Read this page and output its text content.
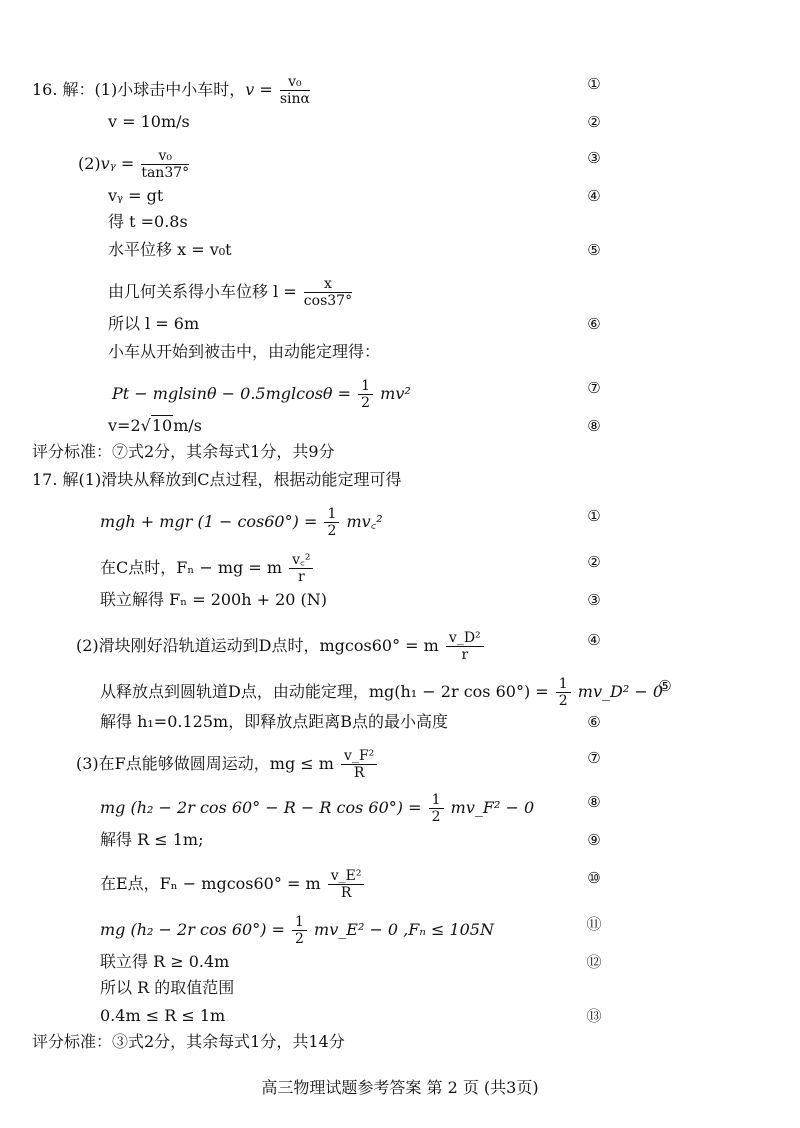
16. 解：(1)小球击中小车时，$v = \frac{\text{v₀}}{\sin\alpha}$	①
v = 10m/s	②
(2)vᵧ = $\frac{\text{v₀}}{\tan 37^\circ}$	③
vᵧ = gt	④
得 t =0.8s
水平位移 x = v₀t	⑤
由几何关系得小车位移 $l = \frac{x}{\cos 37^\circ}$
所以 l = 6m	⑥
小车从开始到被击中，由动能定理得：
$Pt - mglsin\theta - 0.5mglcos\theta = \frac{1}{2} mv^2$	⑦
v=2√10m/s	⑧
评分标准：⑦式2分，其余每式1分，共9分
17. 解(1)滑块从释放到C点过程，根据动能定理可得
mgh + mgr $(1 - \cos 60^\circ) = \frac{1}{2}$ mv꜀²	①
在C点时，Fₙ − mg = m $\frac{\text{v꜀²}}{r}$	②
联立解得 Fₙ = 200h + 20 (N)	③
(2)滑块刚好沿轨道运动到D点时，mgcos60° = m $\frac{\text{v\_D²}}{r}$	④
从释放点到圆轨道D点，由动能定理，mg(h₁ − 2r $\cos 60^\circ) = \frac{1}{2}$ mv_D² − 0
⑤
解得 h₁=0.125m，即释放点距离B点的最小高度	⑥
(3)在F点能够做圆周运动，mg ≤ m $\frac{\text{v\_F²}}{R}$	⑦
mg (h₂ − 2r cos 60° − R − R $\cos 60^\circ) = \frac{1}{2}$ mv_F² − 0	⑧
解得 R ≤ 1m;	⑨
在E点，Fₙ − mgcos60° = m $\frac{\text{v\_E²}}{R}$	⑩
mg (h₂ − 2r $\cos 60^\circ) = \frac{1}{2}$ mv_E² − 0 ,Fₙ ≤ 105N	⑪
联立得 R ≥ 0.4m	⑫
所以 R 的取值范围
0.4m ≤ R ≤ 1m	⑬
评分标准：③式2分，其余每式1分，共14分
高三物理试题参考答案 第 2 页 (共3页)
